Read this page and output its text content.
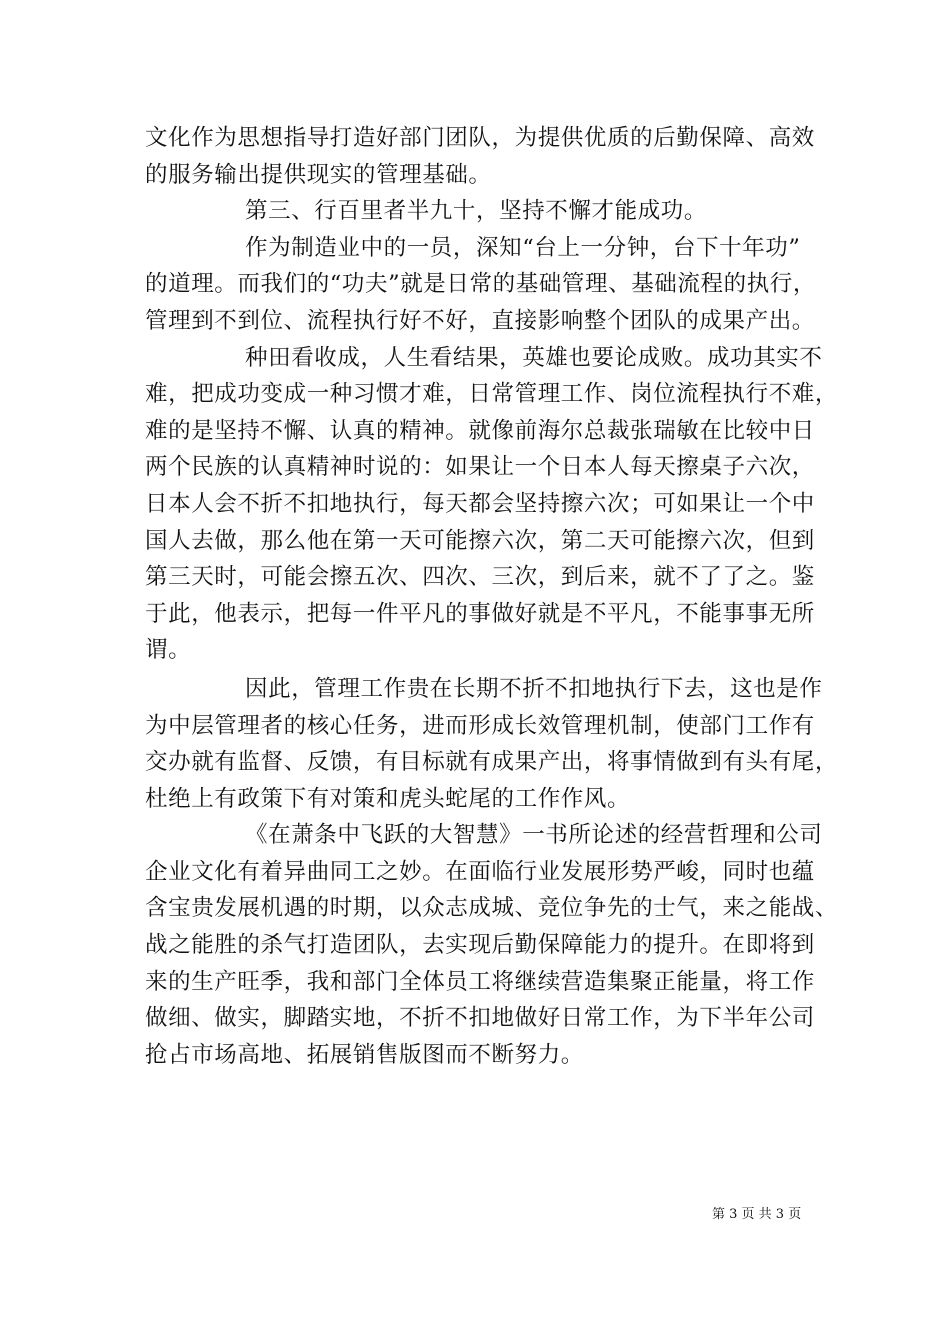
文化作为思想指导打造好部门团队，为提供优质的后勤保障、高效
的服务输出提供现实的管理基础。
第三、行百里者半九十，坚持不懈才能成功。
作为制造业中的一员，深知“台上一分钟，台下十年功”
的道理。而我们的“功夫”就是日常的基础管理、基础流程的执行，
管理到不到位、流程执行好不好，直接影响整个团队的成果产出。
种田看收成，人生看结果，英雄也要论成败。成功其实不
难，把成功变成一种习惯才难，日常管理工作、岗位流程执行不难，
难的是坚持不懈、认真的精神。就像前海尔总裁张瑞敏在比较中日
两个民族的认真精神时说的：如果让一个日本人每天擦桌子六次，
日本人会不折不扣地执行，每天都会坚持擦六次；可如果让一个中
国人去做，那么他在第一天可能擦六次，第二天可能擦六次，但到
第三天时，可能会擦五次、四次、三次，到后来，就不了了之。鉴
于此，他表示，把每一件平凡的事做好就是不平凡，不能事事无所
谓。
因此，管理工作贵在长期不折不扣地执行下去，这也是作
为中层管理者的核心任务，进而形成长效管理机制，使部门工作有
交办就有监督、反馈，有目标就有成果产出，将事情做到有头有尾，
杜绝上有政策下有对策和虎头蛇尾的工作作风。
《在萧条中飞跃的大智慧》一书所论述的经营哲理和公司
企业文化有着异曲同工之妙。在面临行业发展形势严峻，同时也蕴
含宝贵发展机遇的时期，以众志成城、竞位争先的士气，来之能战、
战之能胜的杀气打造团队，去实现后勤保障能力的提升。在即将到
来的生产旺季，我和部门全体员工将继续营造集聚正能量，将工作
做细、做实，脚踏实地，不折不扣地做好日常工作，为下半年公司
抢占市场高地、拓展销售版图而不断努力。
第 3 页 共 3 页
